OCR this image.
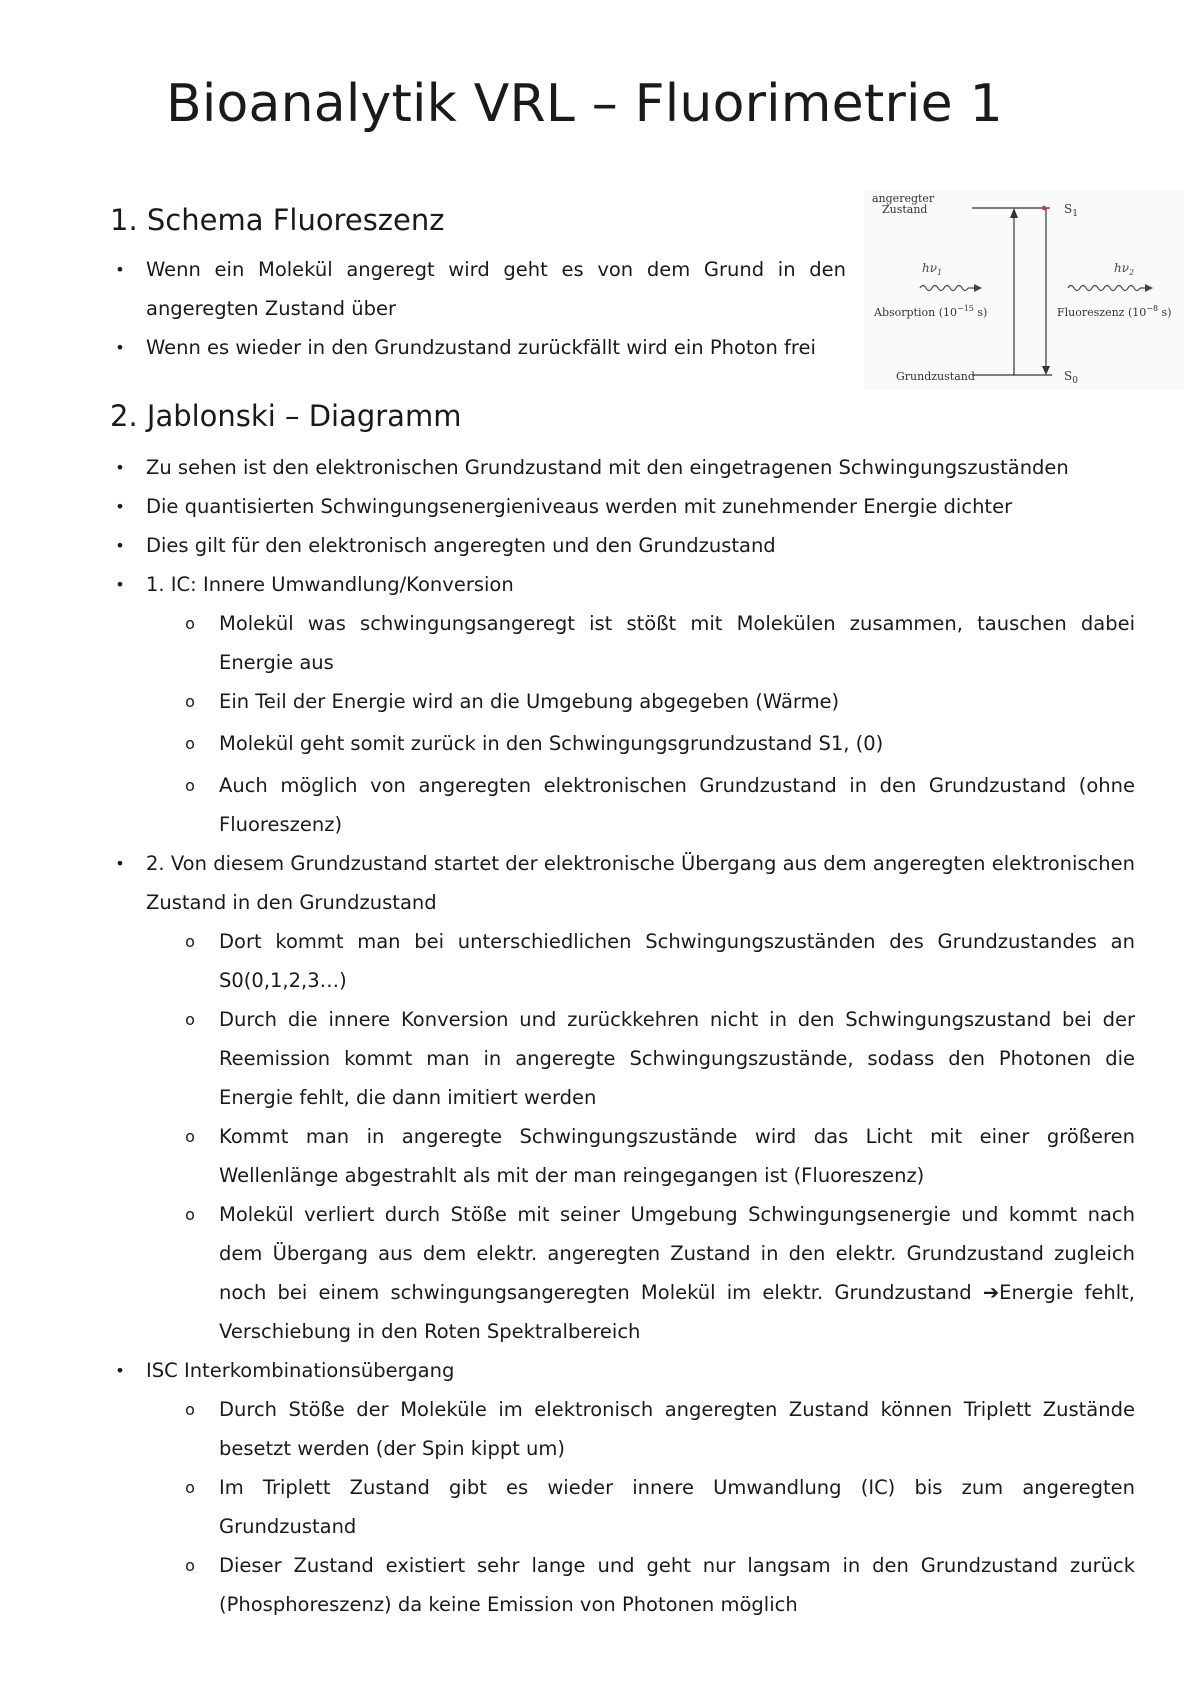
Bioanalytik VRL – Fluorimetrie 1
1. Schema Fluoreszenz
• Wenn ein Molekül angeregt wird geht es von dem Grund in den angeregten Zustand über
• Wenn es wieder in den Grundzustand zurückfällt wird ein Photon frei
angeregter
Zustand	$S_1$
Grundzustand	$S_0$
$h\nu_1$
Absorption ($10^{-15}$ s)
$h\nu_2$
Fluoreszenz ($10^{-8}$ s)
2. Jablonski – Diagramm
• Zu sehen ist den elektronischen Grundzustand mit den eingetragenen Schwingungszuständen
• Die quantisierten Schwingungsenergieniveaus werden mit zunehmender Energie dichter
• Dies gilt für den elektronisch angeregten und den Grundzustand
• 1. IC: Innere Umwandlung/Konversion
o Molekül was schwingungsangeregt ist stößt mit Molekülen zusammen, tauschen dabei Energie aus
o Ein Teil der Energie wird an die Umgebung abgegeben (Wärme)
o Molekül geht somit zurück in den Schwingungsgrundzustand S1, (0)
o Auch möglich von angeregten elektronischen Grundzustand in den Grundzustand (ohne Fluoreszenz)
• 2. Von diesem Grundzustand startet der elektronische Übergang aus dem angeregten elektronischen Zustand in den Grundzustand
o Dort kommt man bei unterschiedlichen Schwingungszuständen des Grundzustandes an S0(0,1,2,3…)
o Durch die innere Konversion und zurückkehren nicht in den Schwingungszustand bei der Reemission kommt man in angeregte Schwingungszustände, sodass den Photonen die Energie fehlt, die dann imitiert werden
o Kommt man in angeregte Schwingungszustände wird das Licht mit einer größeren Wellenlänge abgestrahlt als mit der man reingegangen ist (Fluoreszenz)
o Molekül verliert durch Stöße mit seiner Umgebung Schwingungsenergie und kommt nach dem Übergang aus dem elektr. angeregten Zustand in den elektr. Grundzustand zugleich noch bei einem schwingungsangeregten Molekül im elektr. Grundzustand ➔Energie fehlt, Verschiebung in den Roten Spektralbereich
• ISC Interkombinationsübergang
o Durch Stöße der Moleküle im elektronisch angeregten Zustand können Triplett Zustände besetzt werden (der Spin kippt um)
o Im Triplett Zustand gibt es wieder innere Umwandlung (IC) bis zum angeregten Grundzustand
o Dieser Zustand existiert sehr lange und geht nur langsam in den Grundzustand zurück (Phosphoreszenz) da keine Emission von Photonen möglich
